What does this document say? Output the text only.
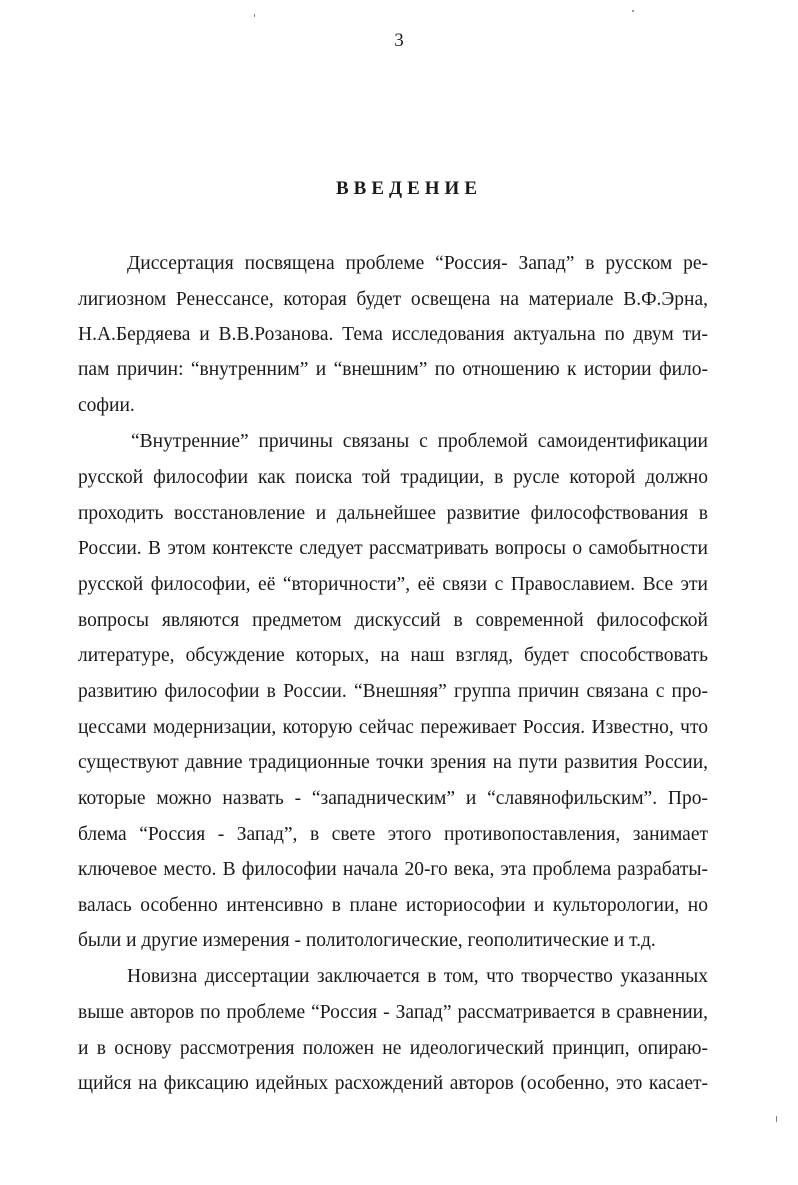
3
ВВЕДЕНИЕ
Диссертация посвящена проблеме “Россия- Запад” в русском ре-
лигиозном Ренессансе, которая будет освещена на материале В.Ф.Эрна,
Н.А.Бердяева и В.В.Розанова. Тема исследования актуальна по двум ти-
пам причин: “внутренним” и “внешним” по отношению к истории фило-
софии.
“Внутренние” причины связаны с проблемой самоидентификации
русской философии как поиска той традиции, в русле которой должно
проходить восстановление и дальнейшее развитие философствования в
России. В этом контексте следует рассматривать вопросы о самобытности
русской философии, её “вторичности”, её связи с Православием. Все эти
вопросы являются предметом дискуссий в современной философской
литературе, обсуждение которых, на наш взгляд, будет способствовать
развитию философии в России. “Внешняя” группа причин связана с про-
цессами модернизации, которую сейчас переживает Россия. Известно, что
существуют давние традиционные точки зрения на пути развития России,
которые можно назвать - “западническим” и “славянофильским”. Про-
блема “Россия - Запад”, в свете этого противопоставления, занимает
ключевое место. В философии начала 20-го века, эта проблема разрабаты-
валась особенно интенсивно в плане историософии и культорологии, но
были и другие измерения - политологические, геополитические и т.д.
Новизна диссертации заключается в том, что творчество указанных
выше авторов по проблеме “Россия - Запад” рассматривается в сравнении,
и в основу рассмотрения положен не идеологический принцип, опираю-
щийся на фиксацию идейных расхождений авторов (особенно, это касает-
